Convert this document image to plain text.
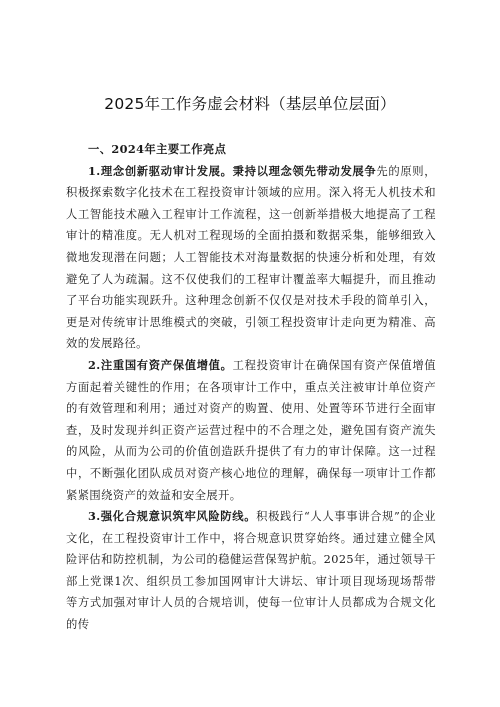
2025年工作务虚会材料（基层单位层面）

一、2024年主要工作亮点

1.理念创新驱动审计发展。秉持以理念领先带动发展争先的原则，积极探索数字化技术在工程投资审计领域的应用。深入将无人机技术和人工智能技术融入工程审计工作流程，这一创新举措极大地提高了工程审计的精准度。无人机对工程现场的全面拍摄和数据采集，能够细致入微地发现潜在问题；人工智能技术对海量数据的快速分析和处理，有效避免了人为疏漏。这不仅使我们的工程审计覆盖率大幅提升，而且推动了平台功能实现跃升。这种理念创新不仅仅是对技术手段的简单引入，更是对传统审计思维模式的突破，引领工程投资审计走向更为精准、高效的发展路径。

2.注重国有资产保值增值。工程投资审计在确保国有资产保值增值方面起着关键性的作用；在各项审计工作中，重点关注被审计单位资产的有效管理和利用；通过对资产的购置、使用、处置等环节进行全面审查，及时发现并纠正资产运营过程中的不合理之处，避免国有资产流失的风险，从而为公司的价值创造跃升提供了有力的审计保障。这一过程中，不断强化团队成员对资产核心地位的理解，确保每一项审计工作都紧紧围绕资产的效益和安全展开。

3.强化合规意识筑牢风险防线。积极践行“人人事事讲合规”的企业文化，在工程投资审计工作中，将合规意识贯穿始终。通过建立健全风险评估和防控机制，为公司的稳健运营保驾护航。2025年，通过领导干部上党课1次、组织员工参加国网审计大讲坛、审计项目现场现场帮带等方式加强对审计人员的合规培训，使每一位审计人员都成为合规文化的传
